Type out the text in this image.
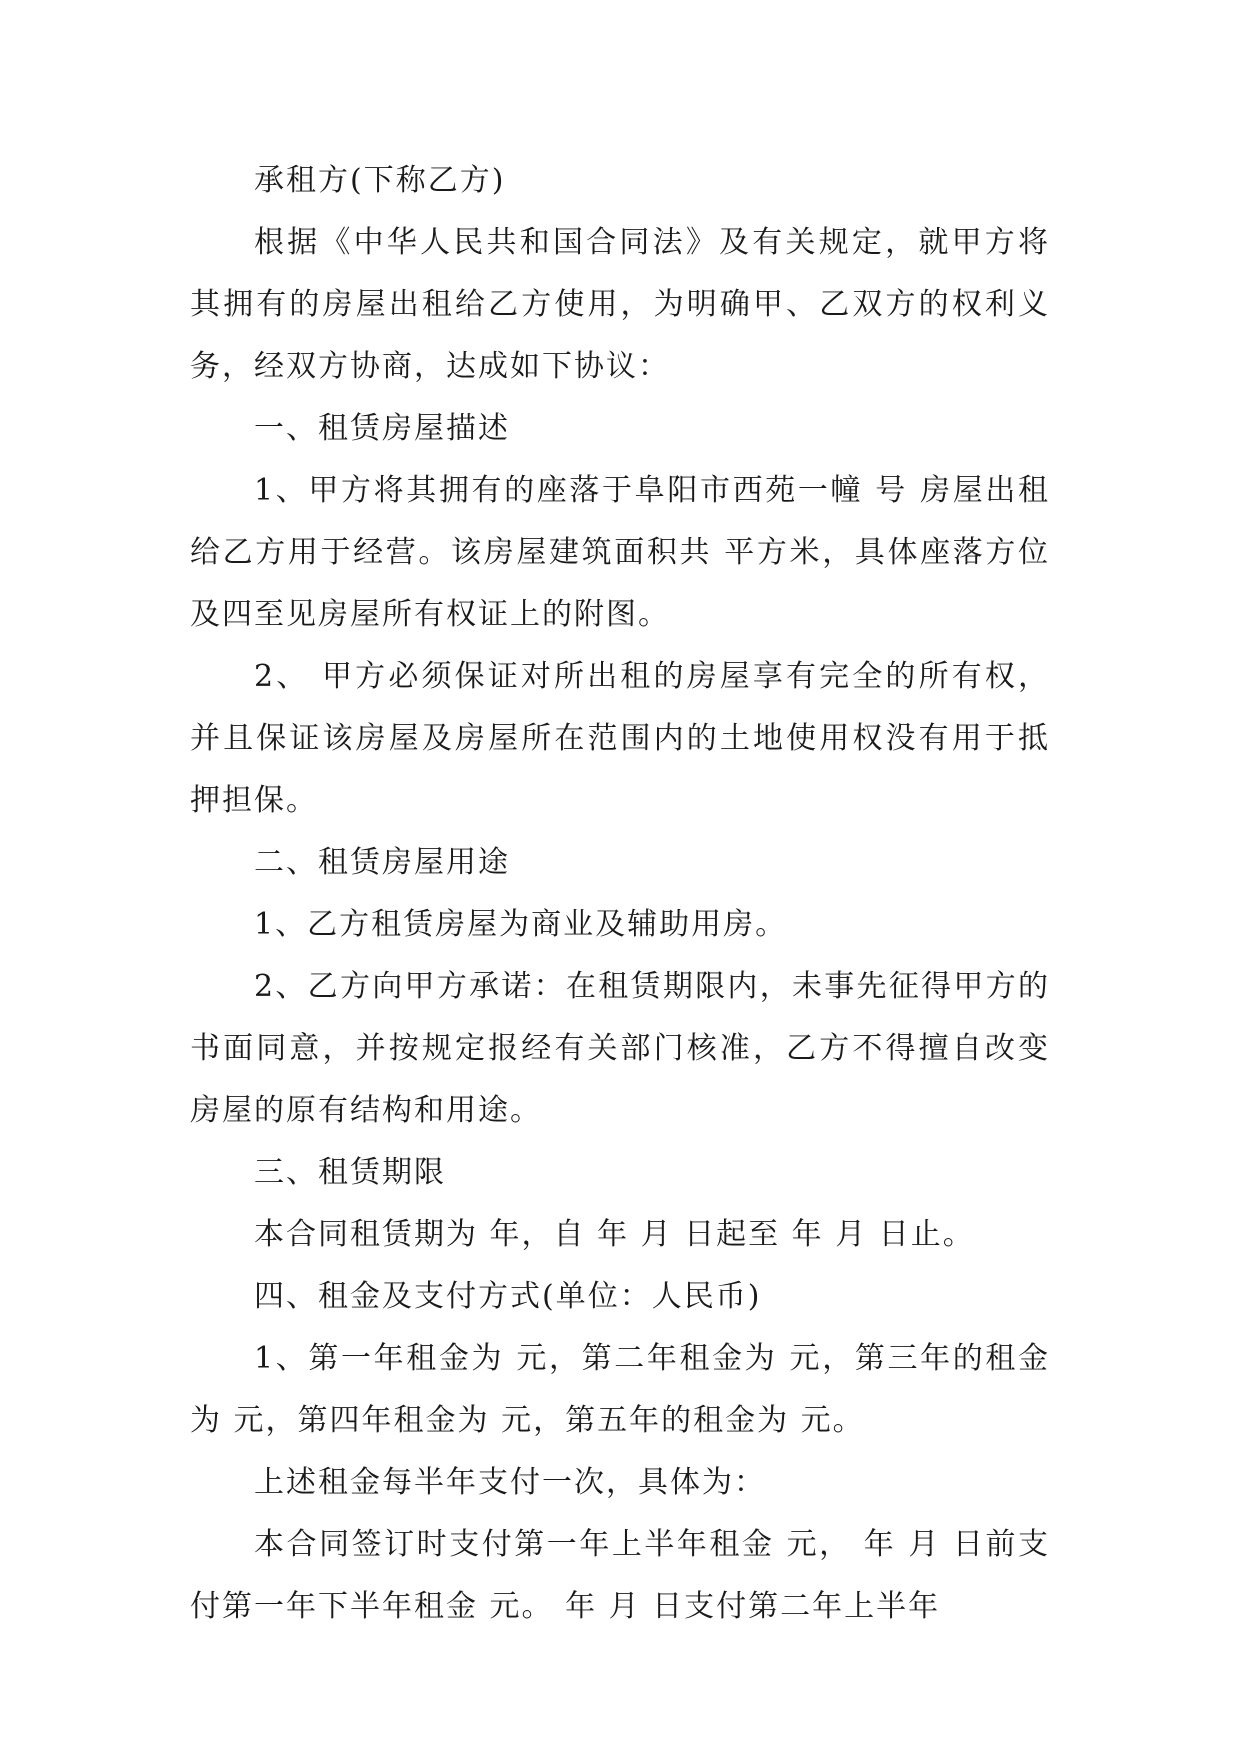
承租方(下称乙方)

根据《中华人民共和国合同法》及有关规定，就甲方将其拥有的房屋出租给乙方使用，为明确甲、乙双方的权利义务，经双方协商，达成如下协议：

一、租赁房屋描述

1、甲方将其拥有的座落于阜阳市西苑一幢 号 房屋出租给乙方用于经营。该房屋建筑面积共 平方米，具体座落方位及四至见房屋所有权证上的附图。

2、 甲方必须保证对所出租的房屋享有完全的所有权，并且保证该房屋及房屋所在范围内的土地使用权没有用于抵押担保。

二、租赁房屋用途

1、乙方租赁房屋为商业及辅助用房。

2、乙方向甲方承诺：在租赁期限内，未事先征得甲方的书面同意，并按规定报经有关部门核准，乙方不得擅自改变房屋的原有结构和用途。

三、租赁期限

本合同租赁期为 年，自 年 月 日起至 年 月 日止。

四、租金及支付方式(单位：人民币)

1、第一年租金为 元，第二年租金为 元，第三年的租金为 元，第四年租金为 元，第五年的租金为 元。

上述租金每半年支付一次，具体为：

本合同签订时支付第一年上半年租金 元， 年 月 日前支付第一年下半年租金 元。 年 月 日支付第二年上半年
